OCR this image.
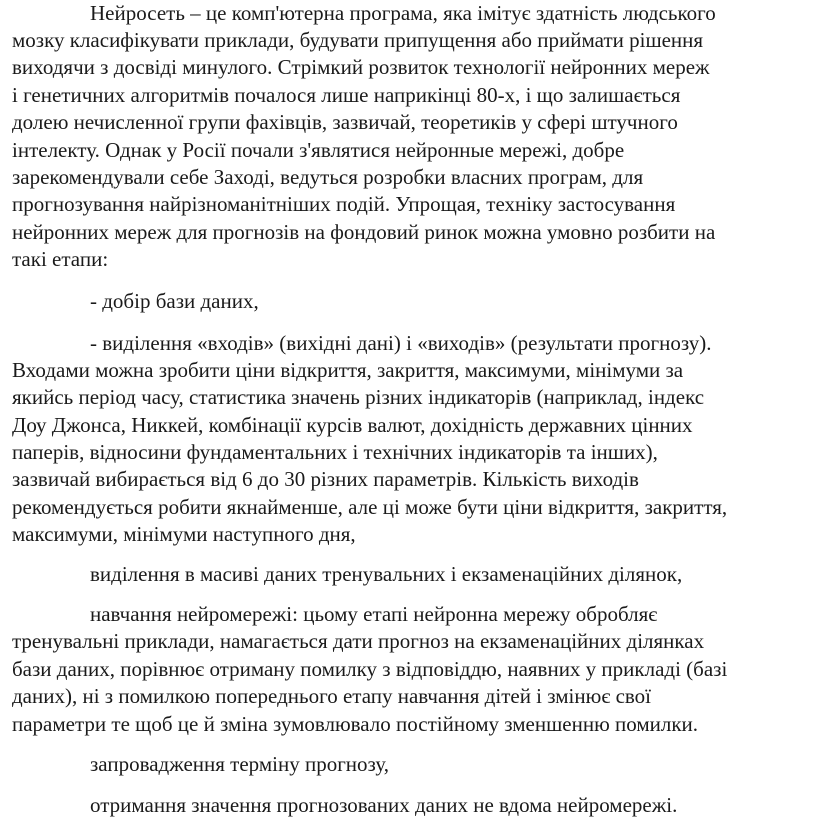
Нейросеть – це комп'ютерна програма, яка імітує здатність людського
мозку класифікувати приклади, будувати припущення або приймати рішення
виходячи з досвіді минулого. Стрімкий розвиток технології нейронних мереж
і генетичних алгоритмів почалося лише наприкінці 80-х, і що залишається
долею нечисленної групи фахівців, зазвичай, теоретиків у сфері штучного
інтелекту. Однак у Росії почали з'являтися нейронные мережі, добре
зарекомендували себе Заході, ведуться розробки власних програм, для
прогнозування найрізноманітніших подій. Упрощая, техніку застосування
нейронних мереж для прогнозів на фондовий ринок можна умовно розбити на
такі етапи:
- добір бази даних,
- виділення «входів» (вихідні дані) і «виходів» (результати прогнозу).
Входами можна зробити ціни відкриття, закриття, максимуми, мінімуми за
якийсь період часу, статистика значень різних індикаторів (наприклад, індекс
Доу Джонса, Никкей, комбінації курсів валют, дохідність державних цінних
паперів, відносини фундаментальних і технічних індикаторів та інших),
зазвичай вибирається від 6 до 30 різних параметрів. Кількість виходів
рекомендується робити якнайменше, але ці може бути ціни відкриття, закриття,
максимуми, мінімуми наступного дня,
виділення в масиві даних тренувальних і екзаменаційних ділянок,
навчання нейромережі: цьому етапі нейронна мережу обробляє
тренувальні приклади, намагається дати прогноз на екзаменаційних ділянках
бази даних, порівнює отриману помилку з відповіддю, наявних у прикладі (базі
даних), ні з помилкою попереднього етапу навчання дітей і змінює свої
параметри те щоб це й зміна зумовлювало постійному зменшенню помилки.
запровадження терміну прогнозу,
отримання значення прогнозованих даних не вдома нейромережі.
